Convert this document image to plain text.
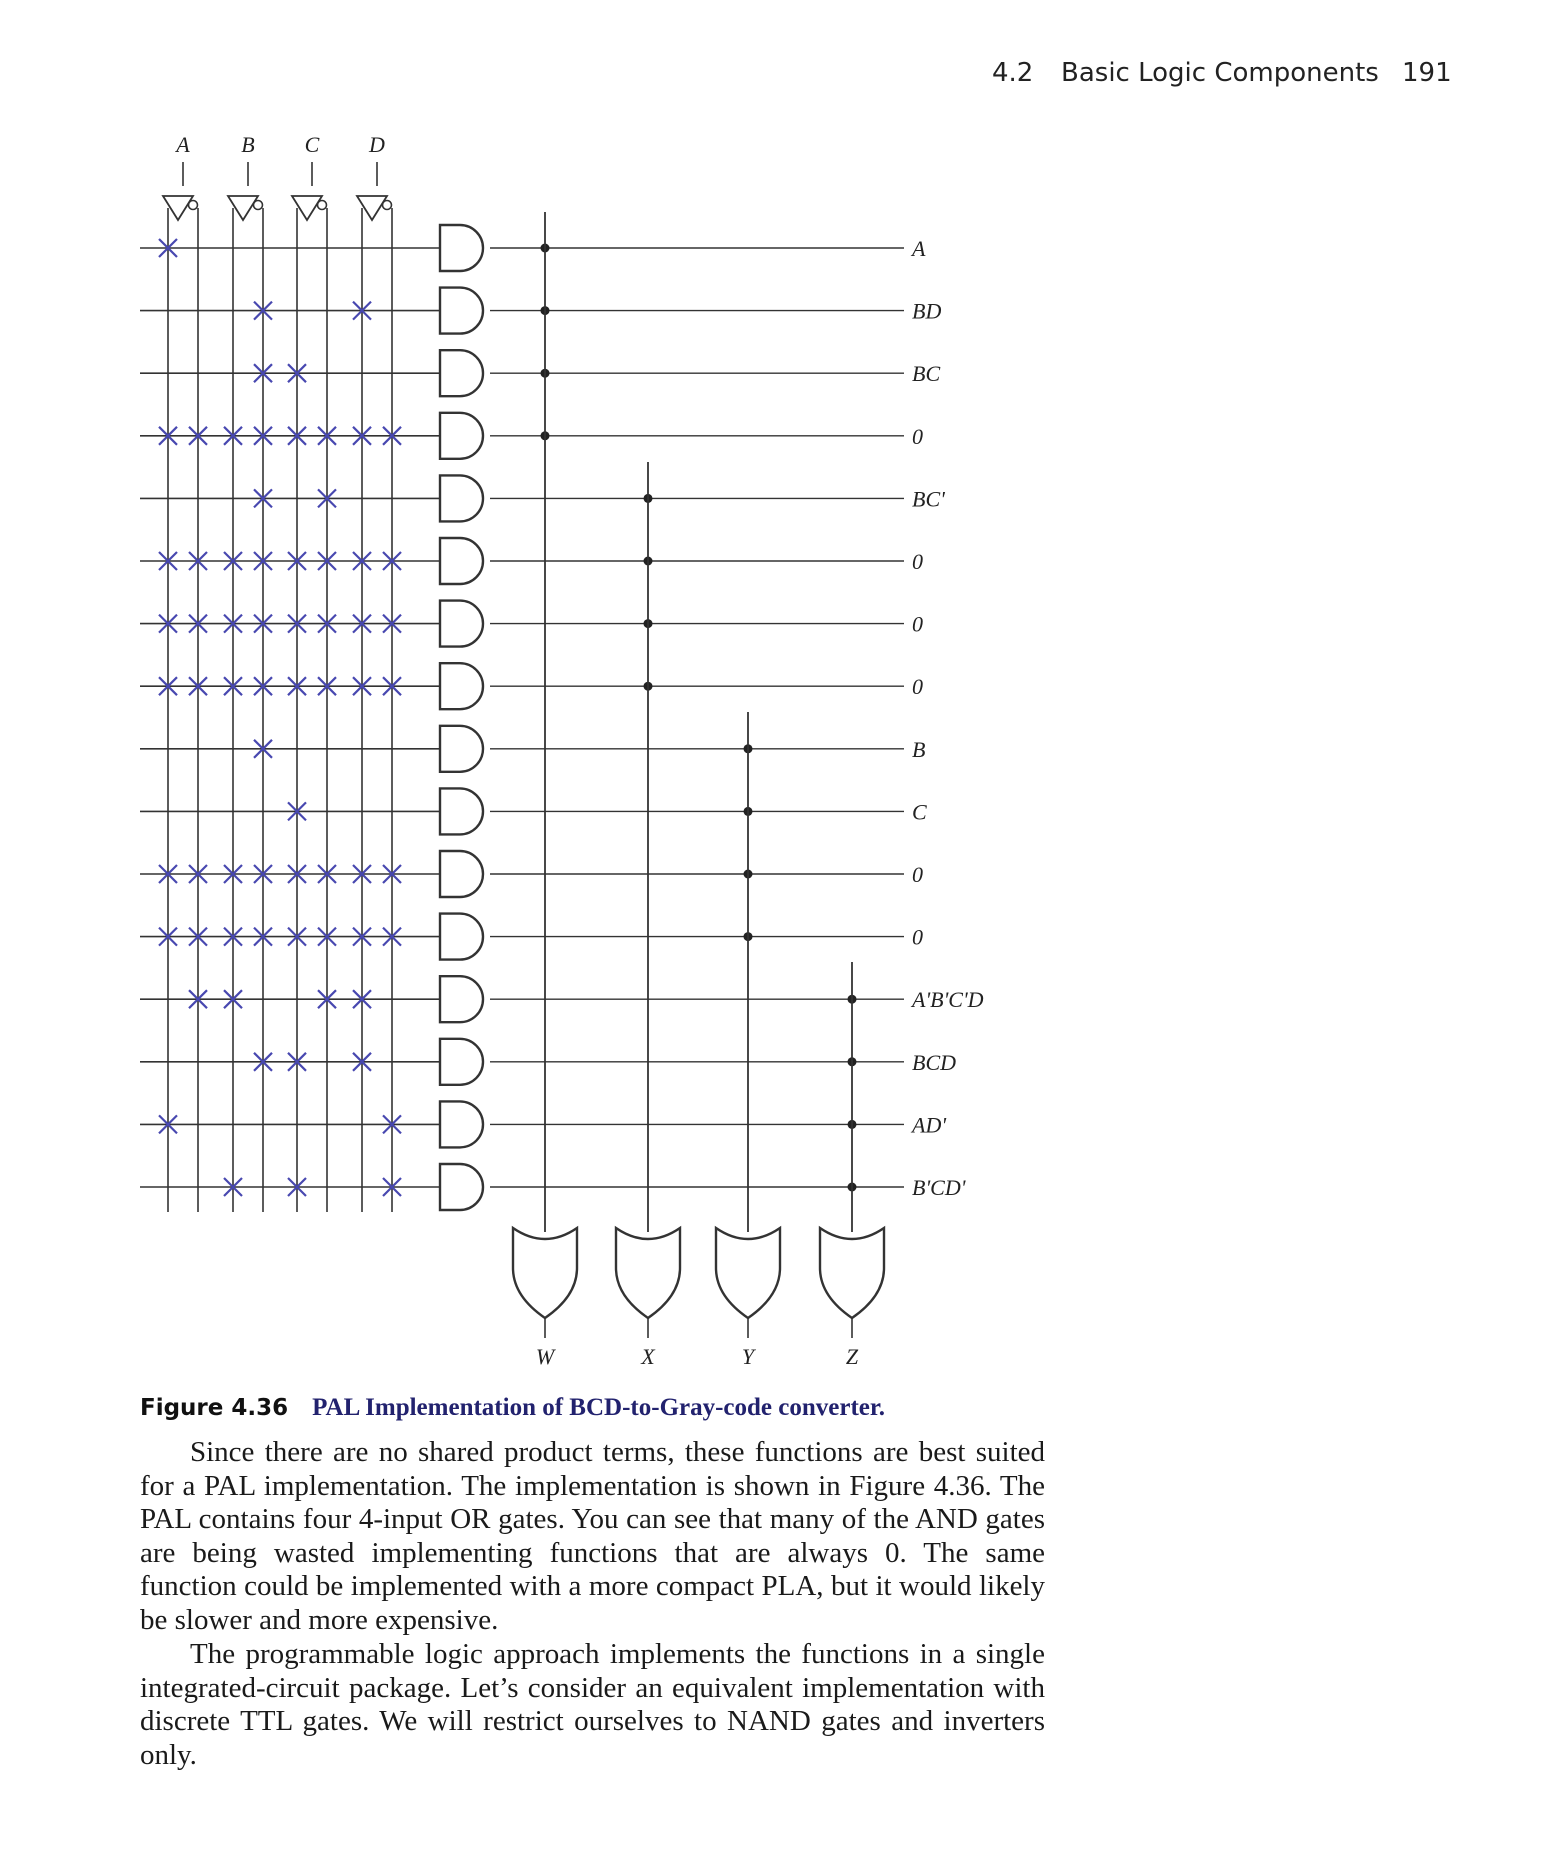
4.2 Basic Logic Components 191
A B C D
A
BD
BC
0
BC'
0
0
0
B
C
0
0
A'B'C'D
BCD
AD'
B'CD'
W	X	Y	Z
Figure 4.36 PAL Implementation of BCD-to-Gray-code converter.

Since there are no shared product terms, these functions are best suited for a PAL implementation. The implementation is shown in Figure 4.36. The PAL contains four 4-input OR gates. You can see that many of the AND gates are being wasted implementing functions that are always 0. The same function could be implemented with a more compact PLA, but it would likely be slower and more expensive.

The programmable logic approach implements the functions in a single integrated-circuit package. Let’s consider an equivalent implementation with discrete TTL gates. We will restrict ourselves to NAND gates and inverters only.
